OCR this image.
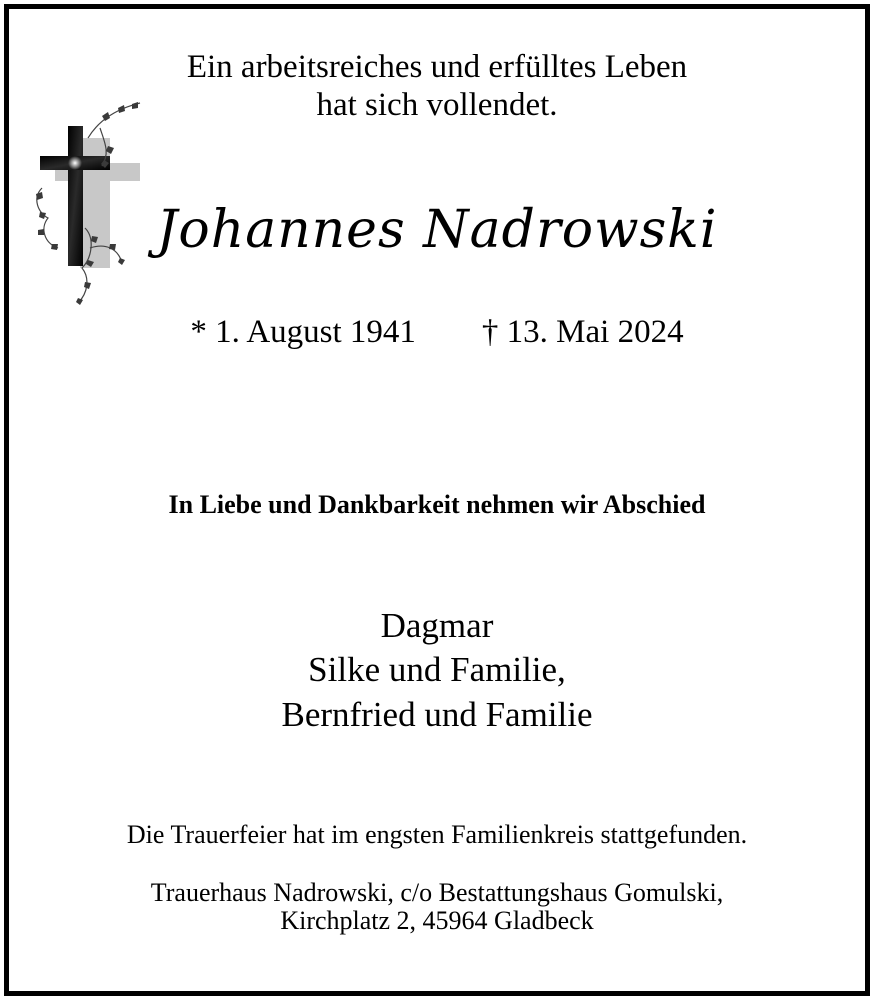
Ein arbeitsreiches und erfülltes Leben

hat sich vollendet.

Johannes Nadrowski

* 1. August 1941 † 13. Mai 2024

In Liebe und Dankbarkeit nehmen wir Abschied

Dagmar

Silke und Familie,

Bernfried und Familie

Die Trauerfeier hat im engsten Familienkreis stattgefunden.

Trauerhaus Nadrowski, c/o Bestattungshaus Gomulski,

Kirchplatz 2, 45964 Gladbeck
